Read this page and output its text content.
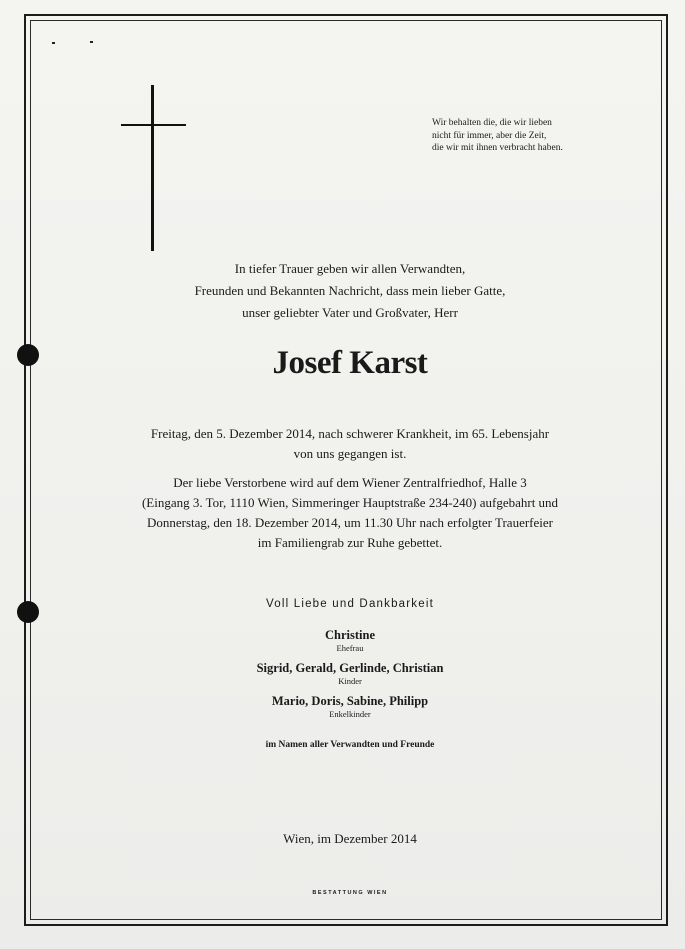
Wir behalten die, die wir lieben
nicht für immer, aber die Zeit,
die wir mit ihnen verbracht haben.
In tiefer Trauer geben wir allen Verwandten,
Freunden und Bekannten Nachricht, dass mein lieber Gatte,
unser geliebter Vater und Großvater, Herr
Josef Karst
Freitag, den 5. Dezember 2014, nach schwerer Krankheit, im 65. Lebensjahr
von uns gegangen ist.
Der liebe Verstorbene wird auf dem Wiener Zentralfriedhof, Halle 3
(Eingang 3. Tor, 1110 Wien, Simmeringer Hauptstraße 234-240) aufgebahrt und
Donnerstag, den 18. Dezember 2014, um 11.30 Uhr nach erfolgter Trauerfeier
im Familiengrab zur Ruhe gebettet.
Voll Liebe und Dankbarkeit
Christine
Ehefrau
Sigrid, Gerald, Gerlinde, Christian
Kinder
Mario, Doris, Sabine, Philipp
Enkelkinder
im Namen aller Verwandten und Freunde
Wien, im Dezember 2014
BESTATTUNG WIEN
